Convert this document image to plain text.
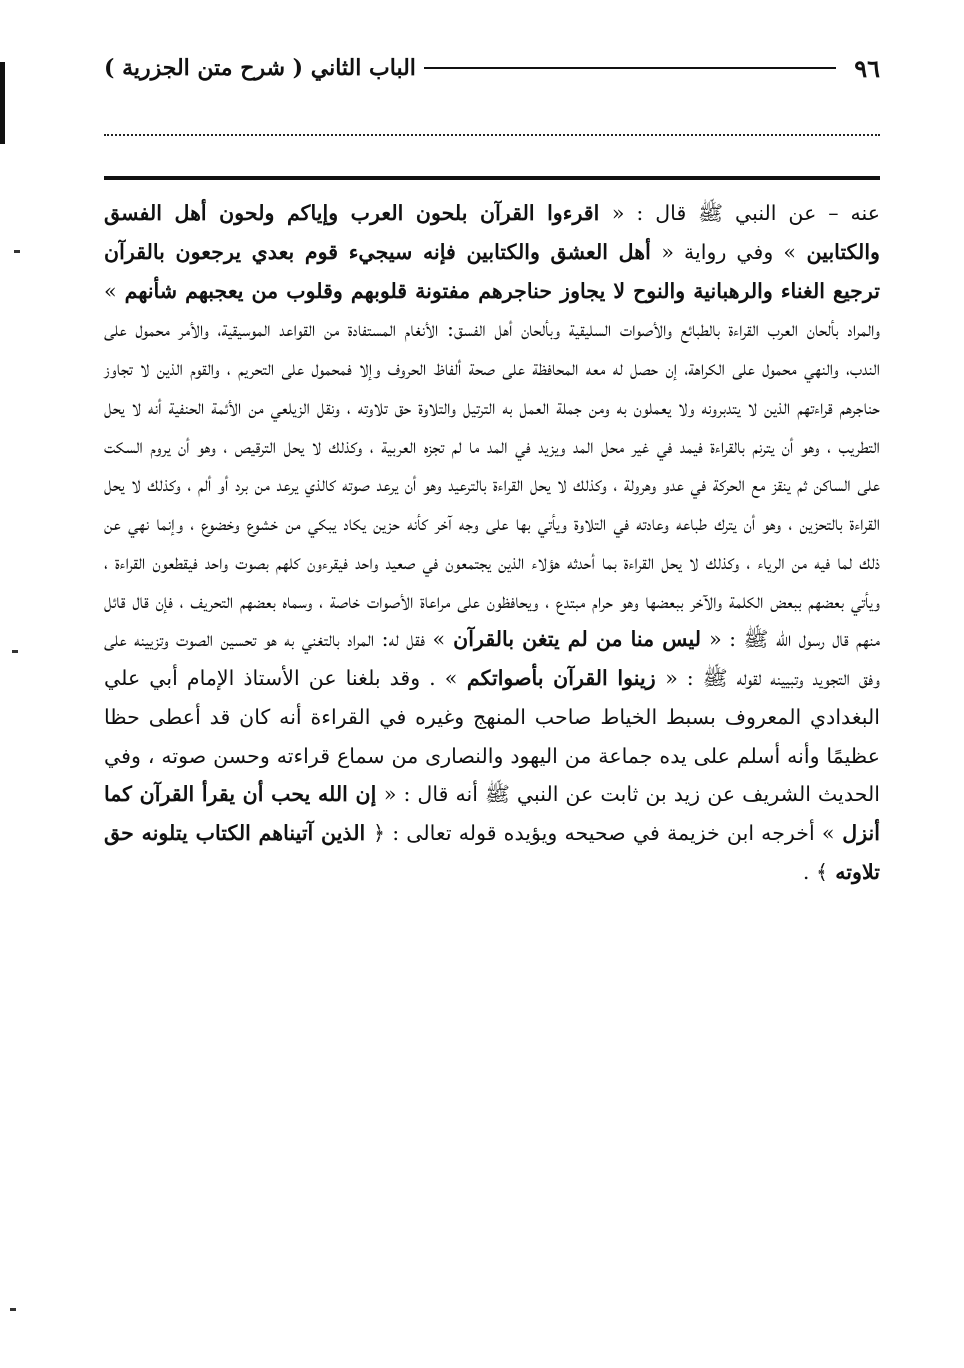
٩٦
الباب الثاني ( شرح متن الجزرية )

عنه – عن النبي ﷺ قال : « اقرءوا القرآن بلحون العرب وإياكم ولحون أهل الفسق والكتابين » وفي رواية « أهل العشق والكتابين فإنه سيجيء قوم بعدي يرجعون بالقرآن ترجيع الغناء والرهبانية والنوح لا يجاوز حناجرهم مفتونة قلوبهم وقلوب من يعجبهم شأنهم » والمراد بألحان العرب القراءة بالطبائع والأصوات السليقية وبألحان أهل الفسق: الأنغام المستفادة من القواعد الموسيقية، والأمر محمول على الندب، والنهي محمول على الكراهة، إن حصل له معه المحافظة على صحة ألفاظ الحروف وإلا فمحمول على التحريم ، والقوم الذين لا تجاوز حناجرهم قراءتهم الذين لا يتدبرونه ولا يعملون به ومن جملة العمل به الترتيل والتلاوة حق تلاوته ، ونقل الزيلعي من الأئمة الحنفية أنه لا يحل التطريب ، وهو أن يترنم بالقراءة فيمد في غير محل المد ويزيد في المد ما لم تجزه العربية ، وكذلك لا يحل الترقيص ، وهو أن يروم السكت على الساكن ثم ينقز مع الحركة في عدو وهرولة ، وكذلك لا يحل القراءة بالترعيد وهو أن يرعد صوته كالذي يرعد من برد أو ألم ، وكذلك لا يحل القراءة بالتحزين ، وهو أن يترك طباعه وعادته في التلاوة ويأتي بها على وجه آخر كأنه حزين يكاد يبكي من خشوع وخضوع ، وإنما نهي عن ذلك لما فيه من الرياء ، وكذلك لا يحل القراءة بما أحدثه هؤلاء الذين يجتمعون في صعيد واحد فيقرءون كلهم بصوت واحد فيقطعون القراءة ، ويأتي بعضهم ببعض الكلمة والآخر ببعضها وهو حرام مبتدع ، ويحافظون على مراعاة الأصوات خاصة ، وسماه بعضهم التحريف ، فإن قال قائل منهم قال رسول الله ﷺ : « ليس منا من لم يتغن بالقرآن » فقل له: المراد بالتغني به هو تحسين الصوت وتزيينه على وفق التجويد وتبيينه لقوله ﷺ : « زينوا القرآن بأصواتكم » . وقد بلغنا عن الأستاذ الإمام أبي علي البغدادي المعروف بسبط الخياط صاحب المنهج وغيره في القراءة أنه كان قد أعطى حظا عظيمًا وأنه أسلم على يده جماعة من اليهود والنصارى من سماع قراءته وحسن صوته ، وفي الحديث الشريف عن زيد بن ثابت عن النبي ﷺ أنه قال : « إن الله يحب أن يقرأ القرآن كما أنزل » أخرجه ابن خزيمة في صحيحه ويؤيده قوله تعالى : ﴿ الذين آتيناهم الكتاب يتلونه حق تلاوته ﴾ .
